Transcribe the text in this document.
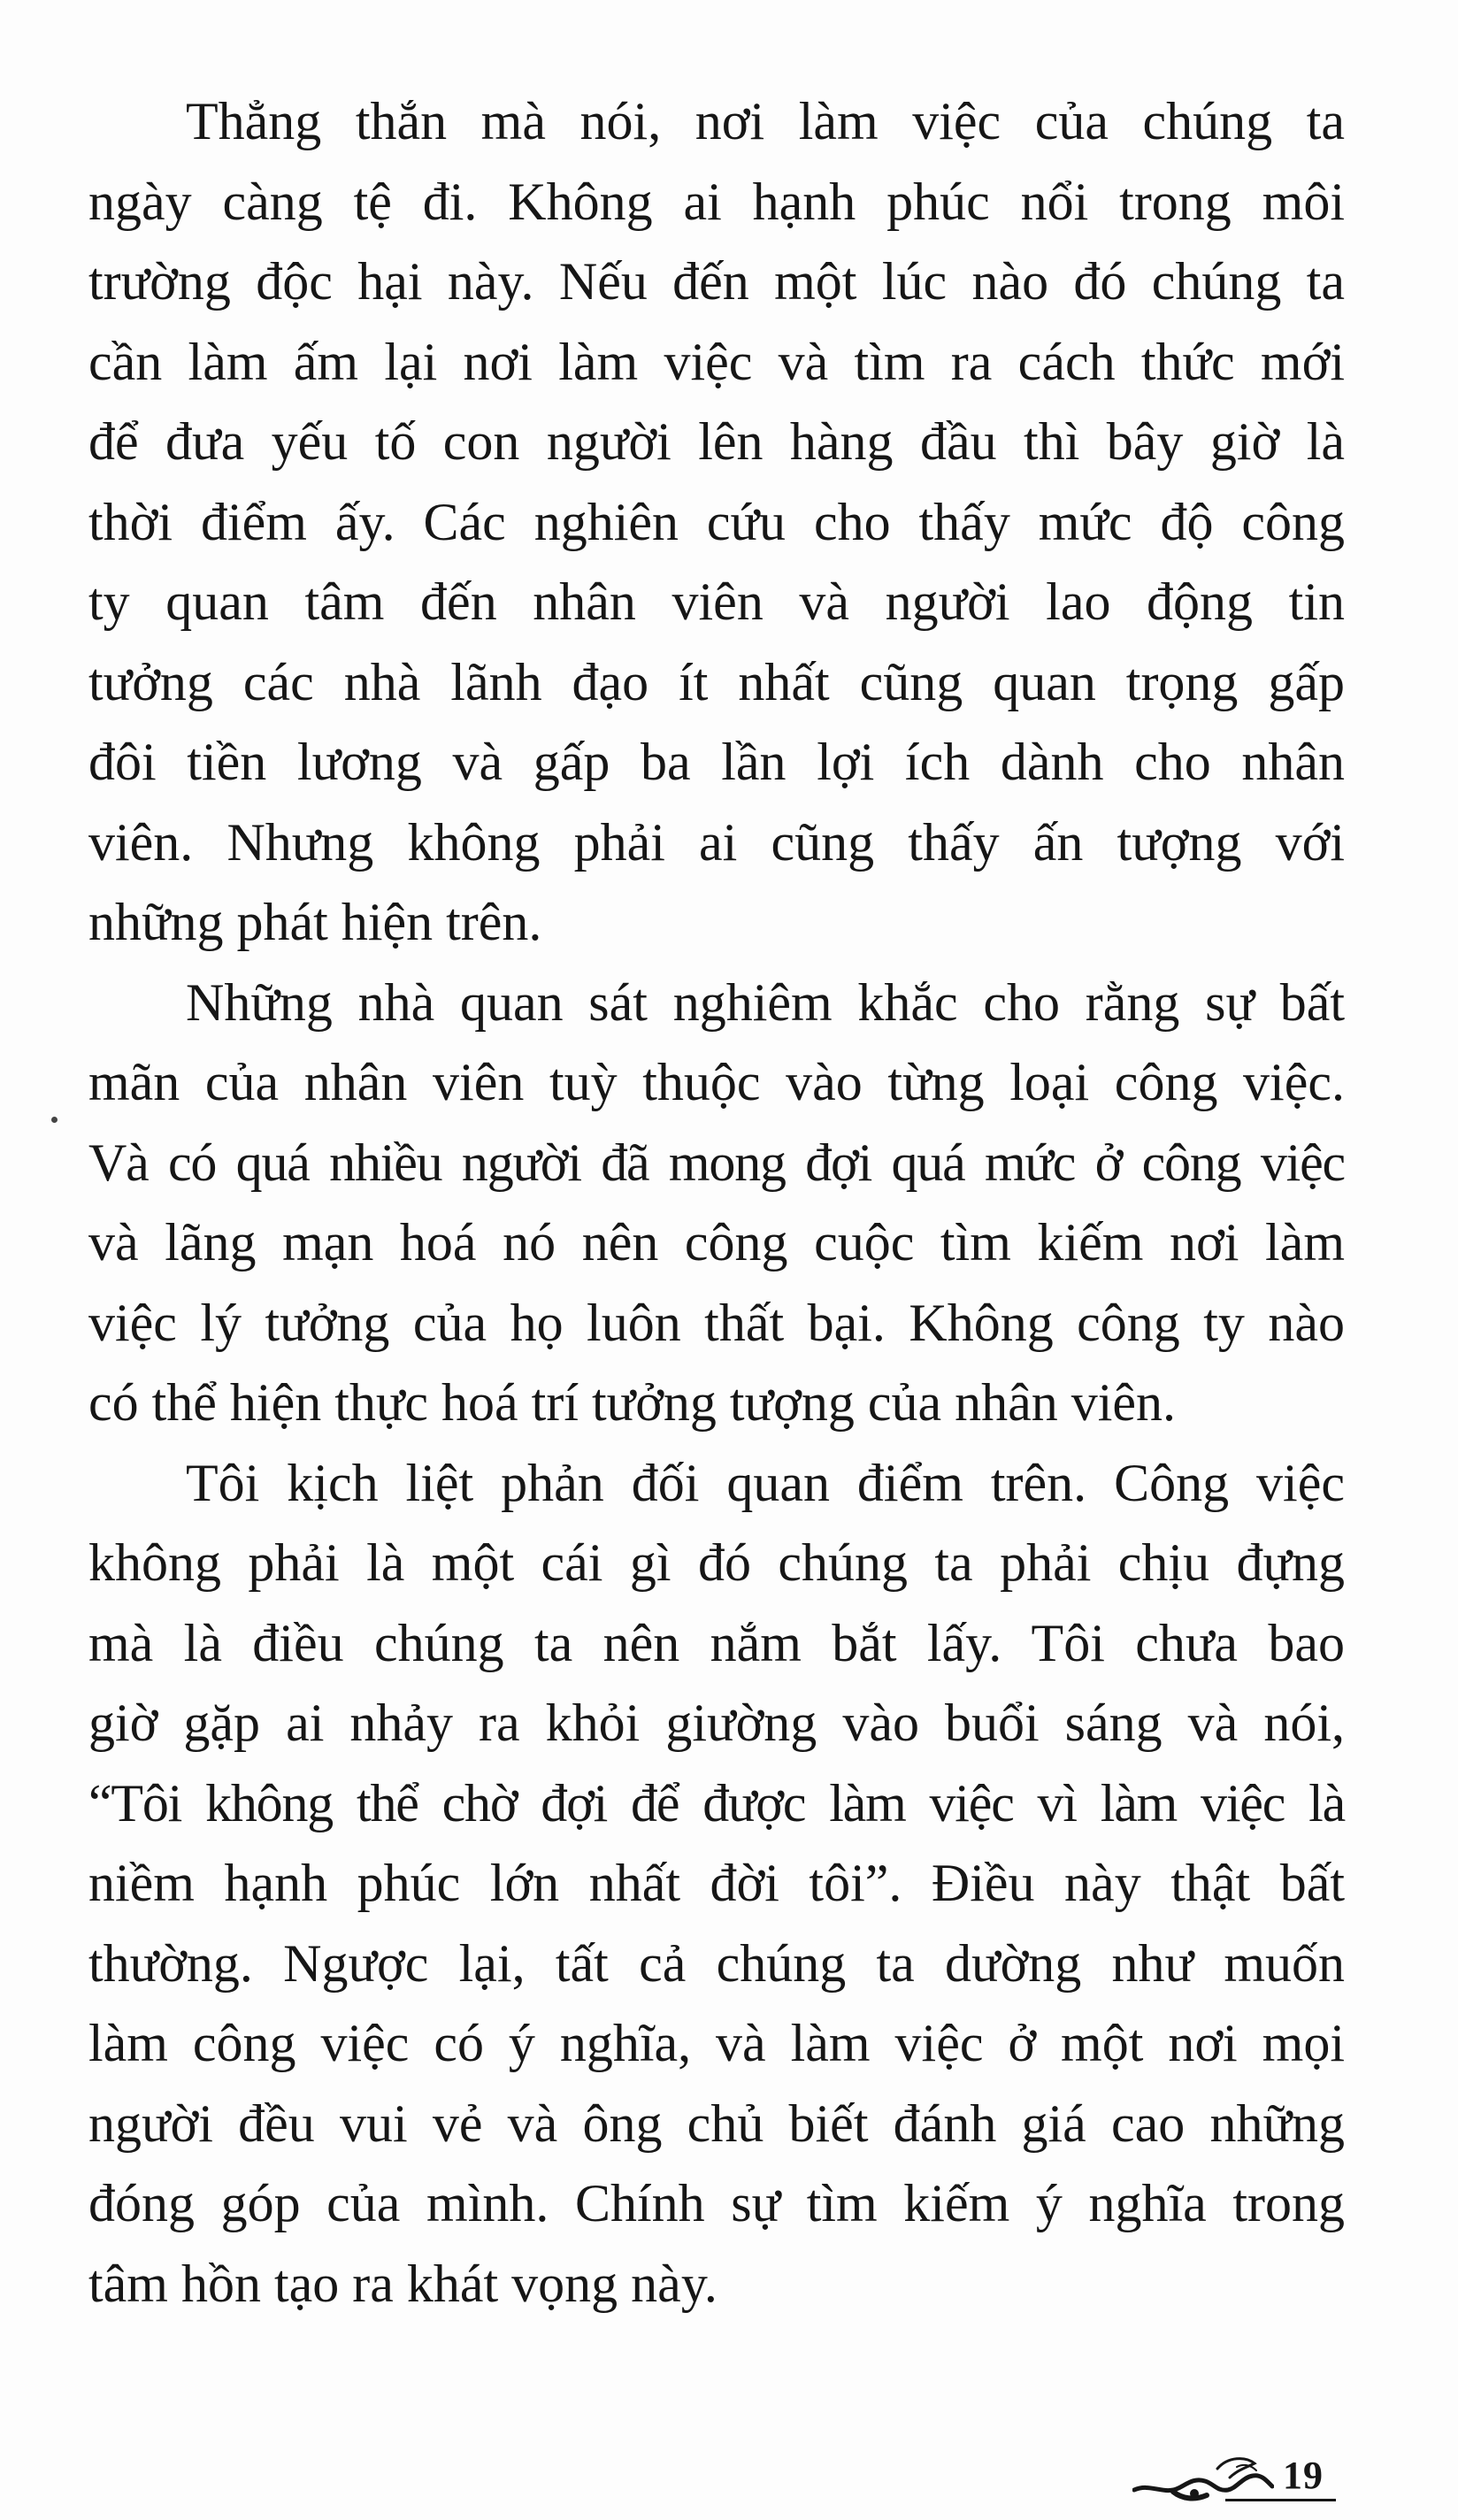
Thẳng thắn mà nói, nơi làm việc của chúng ta
ngày càng tệ đi. Không ai hạnh phúc nổi trong môi
trường độc hại này. Nếu đến một lúc nào đó chúng ta
cần làm ấm lại nơi làm việc và tìm ra cách thức mới
để đưa yếu tố con người lên hàng đầu thì bây giờ là
thời điểm ấy. Các nghiên cứu cho thấy mức độ công
ty quan tâm đến nhân viên và người lao động tin
tưởng các nhà lãnh đạo ít nhất cũng quan trọng gấp
đôi tiền lương và gấp ba lần lợi ích dành cho nhân
viên. Nhưng không phải ai cũng thấy ấn tượng với
những phát hiện trên.
Những nhà quan sát nghiêm khắc cho rằng sự bất
mãn của nhân viên tuỳ thuộc vào từng loại công việc.
Và có quá nhiều người đã mong đợi quá mức ở công việc
và lãng mạn hoá nó nên công cuộc tìm kiếm nơi làm
việc lý tưởng của họ luôn thất bại. Không công ty nào
có thể hiện thực hoá trí tưởng tượng của nhân viên.
Tôi kịch liệt phản đối quan điểm trên. Công việc
không phải là một cái gì đó chúng ta phải chịu đựng
mà là điều chúng ta nên nắm bắt lấy. Tôi chưa bao
giờ gặp ai nhảy ra khỏi giường vào buổi sáng và nói,
“Tôi không thể chờ đợi để được làm việc vì làm việc là
niềm hạnh phúc lớn nhất đời tôi”. Điều này thật bất
thường. Ngược lại, tất cả chúng ta dường như muốn
làm công việc có ý nghĩa, và làm việc ở một nơi mọi
người đều vui vẻ và ông chủ biết đánh giá cao những
đóng góp của mình. Chính sự tìm kiếm ý nghĩa trong
tâm hồn tạo ra khát vọng này.
19
